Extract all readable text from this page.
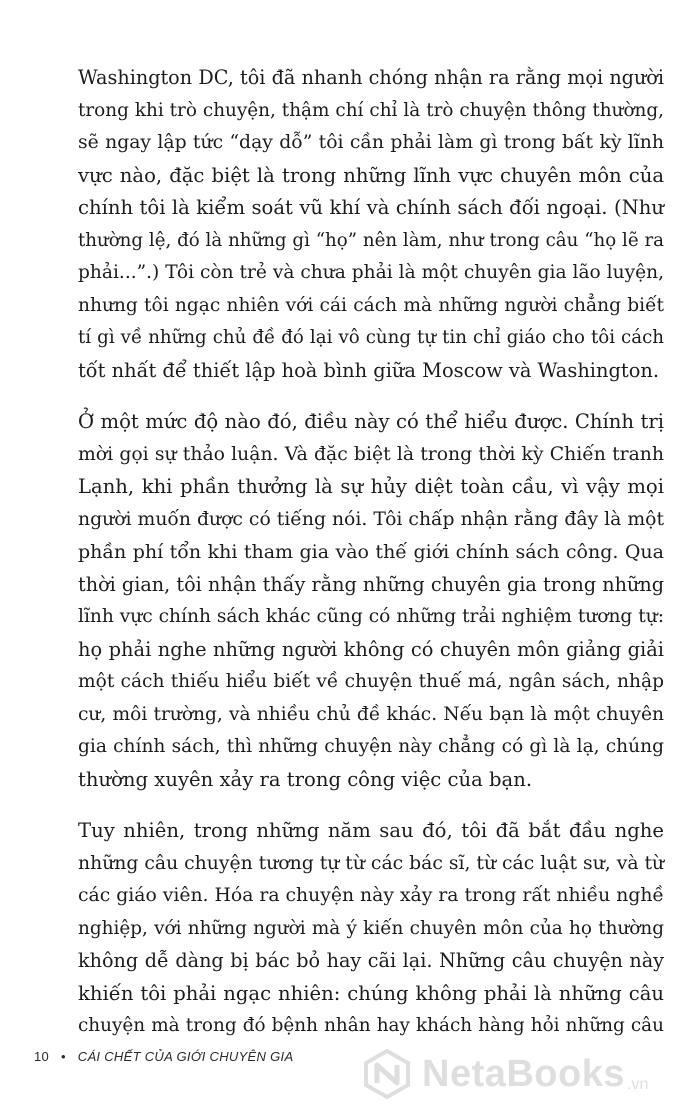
Washington DC, tôi đã nhanh chóng nhận ra rằng mọi người
trong khi trò chuyện, thậm chí chỉ là trò chuyện thông thường,
sẽ ngay lập tức “dạy dỗ” tôi cần phải làm gì trong bất kỳ lĩnh
vực nào, đặc biệt là trong những lĩnh vực chuyên môn của
chính tôi là kiểm soát vũ khí và chính sách đối ngoại. (Như
thường lệ, đó là những gì “họ” nên làm, như trong câu “họ lẽ ra
phải...”.) Tôi còn trẻ và chưa phải là một chuyên gia lão luyện,
nhưng tôi ngạc nhiên với cái cách mà những người chẳng biết
tí gì về những chủ đề đó lại vô cùng tự tin chỉ giáo cho tôi cách
tốt nhất để thiết lập hoà bình giữa Moscow và Washington.
Ở một mức độ nào đó, điều này có thể hiểu được. Chính trị
mời gọi sự thảo luận. Và đặc biệt là trong thời kỳ Chiến tranh
Lạnh, khi phần thưởng là sự hủy diệt toàn cầu, vì vậy mọi
người muốn được có tiếng nói. Tôi chấp nhận rằng đây là một
phần phí tổn khi tham gia vào thế giới chính sách công. Qua
thời gian, tôi nhận thấy rằng những chuyên gia trong những
lĩnh vực chính sách khác cũng có những trải nghiệm tương tự:
họ phải nghe những người không có chuyên môn giảng giải
một cách thiếu hiểu biết về chuyện thuế má, ngân sách, nhập
cư, môi trường, và nhiều chủ đề khác. Nếu bạn là một chuyên
gia chính sách, thì những chuyện này chẳng có gì là lạ, chúng
thường xuyên xảy ra trong công việc của bạn.
Tuy nhiên, trong những năm sau đó, tôi đã bắt đầu nghe
những câu chuyện tương tự từ các bác sĩ, từ các luật sư, và từ
các giáo viên. Hóa ra chuyện này xảy ra trong rất nhiều nghề
nghiệp, với những người mà ý kiến chuyên môn của họ thường
không dễ dàng bị bác bỏ hay cãi lại. Những câu chuyện này
khiến tôi phải ngạc nhiên: chúng không phải là những câu
chuyện mà trong đó bệnh nhân hay khách hàng hỏi những câu
10 • CÁI CHẾT CỦA GIỚI CHUYÊN GIA	NetaBooks .vn
